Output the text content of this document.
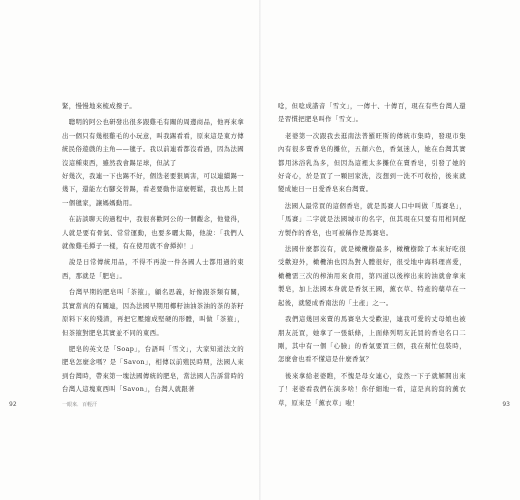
緊，慢慢地來梳成撥子。

　聰明的阿公也研發出很多跟雞毛有關的周邊商品，他再來拿出一個只有幾根雞毛的小玩意，叫我踢看看，原來這是東方傳統民俗遊戲的主角——毽子。我以前連看都沒看過，因為法國沒這種東西，雖然我會踢足球，但試了
好幾次，我連一下也踢不好，個迭老要狠厲害，可以連續踢一幾下，還能左右腳交替踢，看老要動作這麼輕鬆，我也馬上買一個毽家，讓媽媽動用。

　在訪談聊天的過程中，我很喜歡阿公的一個觀念，他覺得，人就是要有骨氣、常常運動，也要多曬太陽，他說：「我們人就像雞毛撢子一樣，有在使用就不會撢掉！」

　說是日常傳統用品，不得不再說一件各國人士都用過的東西，那就是「肥皂」。

　台灣早期的肥皂叫「茶箍」，顧名思義，好像跟茶類有關，其實當真的有關連，因為法國早期用椰籽油油茶油的茶的茶籽原料下來的殘渣，再把它壓縮成堅硬的形體，叫做「茶箍」，但茶箍對肥皂其實並不同的東西。

　肥皂的英文是「Soap」，台語叫「雪文」，大家知道法文的肥皂怎麼念嗎？是「Savon」，相傳以前殖民時期，法國人來到台灣時，帶來第一塊法國傳統的肥皂，當法國人告訴當時的台灣人這塊東西叫「Savon」，台灣人就跟著

唸，但唸成諧音「雪文」，一傳十、十傳百，現在有些台灣人還是習慣把肥皂叫作「雪文」。

　老婆第一次跟我去逛南法普羅旺斯的傳統市集時，發現市集內有很多賣香皂的攤位，五顏六色，香氣迷人，她在台灣其實都用沐浴乳為多，但因為這裡太多攤位在賣香皂，引發了她的好奇心，於是買了一顆回家洗，沒想到一洗不可收拾，後來就變成她日一日愛香皂來台灣賣。

　法國人最常買的這個香皂，就是馬賽人口中叫做「馬賽皂」，「馬賽」二字就是法國城市的名字，但其現在只要有用相同配方製作的香皂，也可被稱作是馬賽皂。

　法國什麼都沒有，就是橄欖樹最多，橄欖樹除了本來好吃很受歡迎外，橄欖油也因為對人體很好，很受地中海料理喜愛，橄欖需三次的榨油用來食用，第四道以後榨出來的油就會拿來製皂，加上法國本身就是香氛王國，薰衣草、特產的藥草在一起後，就變成香南法的「土產」之一。

　我們這幾回來賣的馬賽皂大受歡迎，連我可愛的丈母娘也被朋友託買，她拿了一張紙條，上面條列明友託買的香皂名口二剛，其中有一個「心臉」的香氣要買三個，我在幫忙包裝時，怎麼會也看不懂這是什麼香氣？

　後來拿給老婆瞧，不愧是母女連心，竟然一下子就解開出來了！老婆看我們在演多啥！你仔細地一看，這是真的寫的薰衣草，原來是「薰衣草」啦！

92	一眼來．百輕汗	93
